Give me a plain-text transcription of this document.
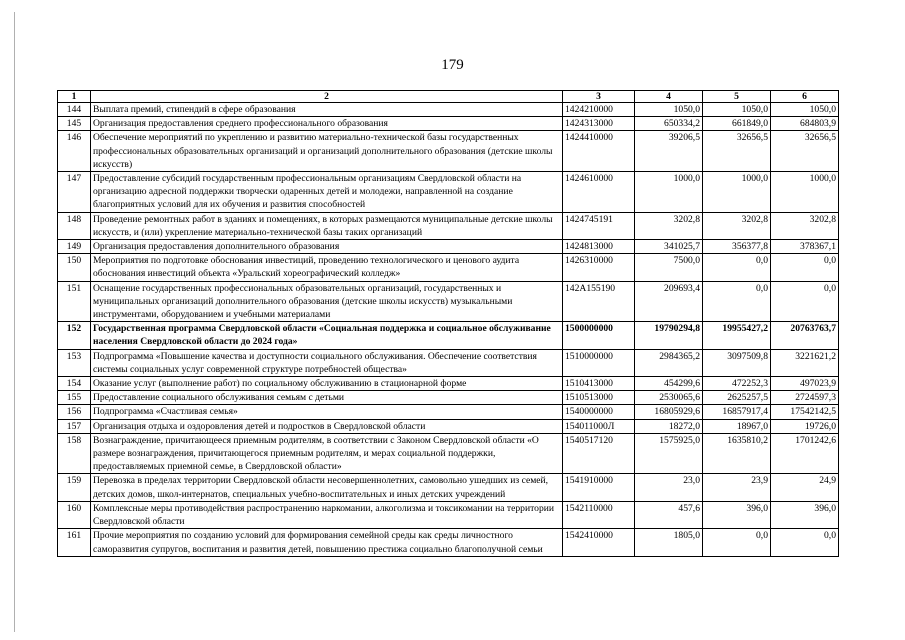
179
1	2	3	4	5	6
144	Выплата премий, стипендий в сфере образования	1424210000	1050,0	1050,0	1050,0
145	Организация предоставления среднего профессионального образования	1424313000	650334,2	661849,0	684803,9
146	Обеспечение мероприятий по укреплению и развитию материально-технической базы государственных профессиональных образовательных организаций и организаций дополнительного образования (детские школы искусств)	1424410000	39206,5	32656,5	32656,5
147	Предоставление субсидий государственным профессиональным организациям Свердловской области на организацию адресной поддержки творчески одаренных детей и молодежи, направленной на создание благоприятных условий для их обучения и развития способностей	1424610000	1000,0	1000,0	1000,0
148	Проведение ремонтных работ в зданиях и помещениях, в которых размещаются муниципальные детские школы искусств, и (или) укрепление материально-технической базы таких организаций	1424745191	3202,8	3202,8	3202,8
149	Организация предоставления дополнительного образования	1424813000	341025,7	356377,8	378367,1
150	Мероприятия по подготовке обоснования инвестиций, проведению технологического и ценового аудита обоснования инвестиций объекта «Уральский хореографический колледж»	1426310000	7500,0	0,0	0,0
151	Оснащение государственных профессиональных образовательных организаций, государственных и муниципальных организаций дополнительного образования (детские школы искусств) музыкальными инструментами, оборудованием и учебными материалами	142A155190	209693,4	0,0	0,0
152	Государственная программа Свердловской области «Социальная поддержка и социальное обслуживание населения Свердловской области до 2024 года»	1500000000	19790294,8	19955427,2	20763763,7
153	Подпрограмма «Повышение качества и доступности социального обслуживания. Обеспечение соответствия системы социальных услуг современной структуре потребностей общества»	1510000000	2984365,2	3097509,8	3221621,2
154	Оказание услуг (выполнение работ) по социальному обслуживанию в стационарной форме	1510413000	454299,6	472252,3	497023,9
155	Предоставление социального обслуживания семьям с детьми	1510513000	2530065,6	2625257,5	2724597,3
156	Подпрограмма «Счастливая семья»	1540000000	16805929,6	16857917,4	17542142,5
157	Организация отдыха и оздоровления детей и подростков в Свердловской области	154011000Л	18272,0	18967,0	19726,0
158	Вознаграждение, причитающееся приемным родителям, в соответствии с Законом Свердловской области «О размере вознаграждения, причитающегося приемным родителям, и мерах социальной поддержки, предоставляемых приемной семье, в Свердловской области»	1540517120	1575925,0	1635810,2	1701242,6
159	Перевозка в пределах территории Свердловской области несовершеннолетних, самовольно ушедших из семей, детских домов, школ-интернатов, специальных учебно-воспитательных и иных детских учреждений	1541910000	23,0	23,9	24,9
160	Комплексные меры противодействия распространению наркомании, алкоголизма и токсикомании на территории Свердловской области	1542110000	457,6	396,0	396,0
161	Прочие мероприятия по созданию условий для формирования семейной среды как среды личностного саморазвития супругов, воспитания и развития детей, повышению престижа социально благополучной семьи	1542410000	1805,0	0,0	0,0
